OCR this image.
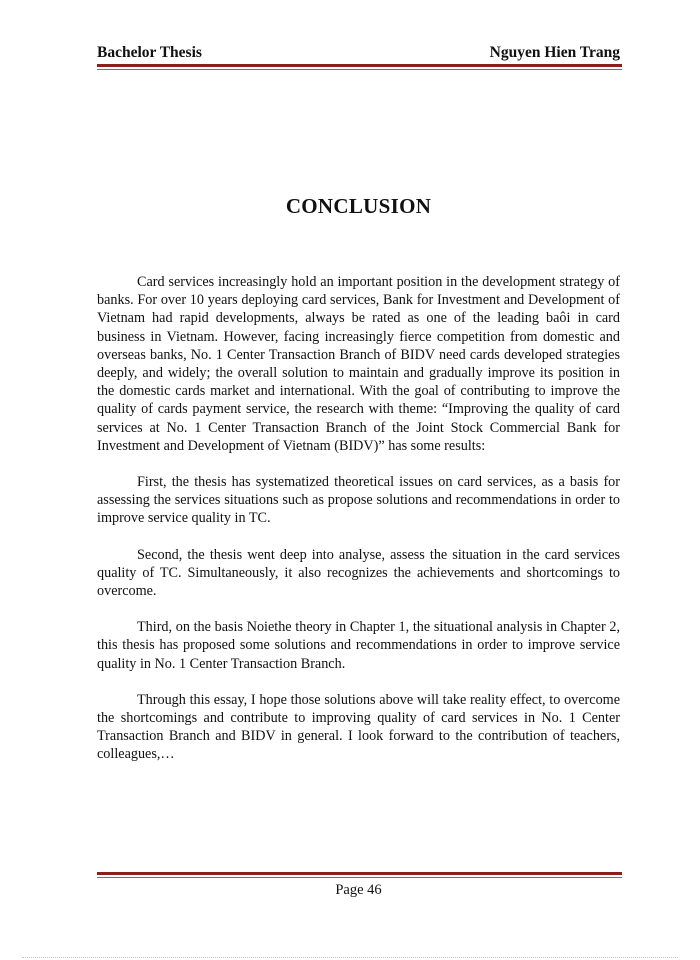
Bachelor Thesis	Nguyen Hien Trang
CONCLUSION

Card services increasingly hold an important position in the development strategy of banks. For over 10 years deploying card services, Bank for Investment and Development of Vietnam had rapid developments, always be rated as one of the leading baôi in card business in Vietnam. However, facing increasingly fierce competition from domestic and overseas banks, No. 1 Center Transaction Branch of BIDV need cards developed strategies deeply, and widely; the overall solution to maintain and gradually improve its position in the domestic cards market and international. With the goal of contributing to improve the quality of cards payment service, the research with theme: “Improving the quality of card services at No. 1 Center Transaction Branch of the Joint Stock Commercial Bank for Investment and Development of Vietnam (BIDV)” has some results:

First, the thesis has systematized theoretical issues on card services, as a basis for assessing the services situations such as propose solutions and recommendations in order to improve service quality in TC.

Second, the thesis went deep into analyse, assess the situation in the card services quality of TC. Simultaneously, it also recognizes the achievements and shortcomings to overcome.

Third, on the basis Noiethe theory in Chapter 1, the situational analysis in Chapter 2, this thesis has proposed some solutions and recommendations in order to improve service quality in No. 1 Center Transaction Branch.

Through this essay, I hope those solutions above will take reality effect, to overcome the shortcomings and contribute to improving quality of card services in No. 1 Center Transaction Branch and BIDV in general. I look forward to the contribution of teachers, colleagues,…

Page 46
